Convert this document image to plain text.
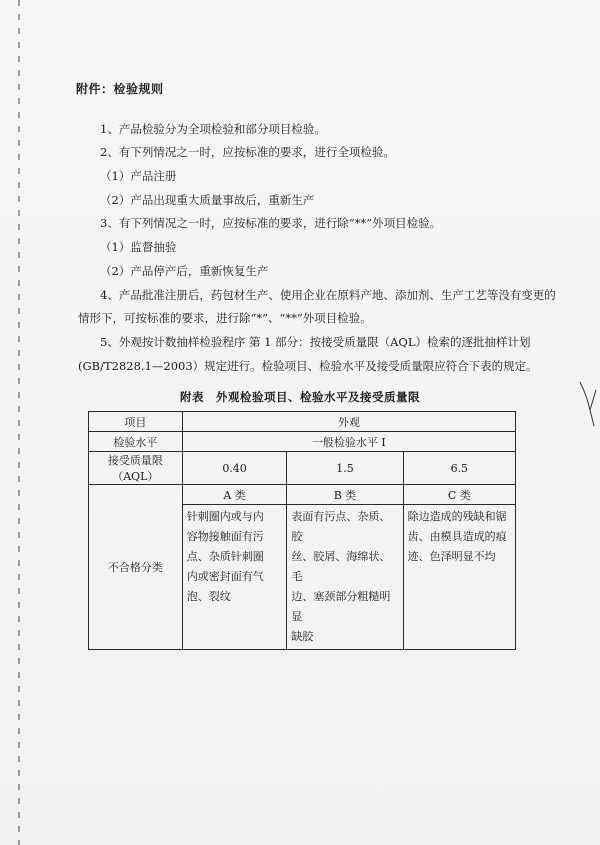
附件：检验规则
1、产品检验分为全项检验和部分项目检验。
2、有下列情况之一时，应按标准的要求，进行全项检验。
（1）产品注册
（2）产品出现重大质量事故后，重新生产
3、有下列情况之一时，应按标准的要求，进行除“**”外项目检验。
（1）监督抽验
（2）产品停产后，重新恢复生产
4、产品批准注册后，药包材生产、使用企业在原料产地、添加剂、生产工艺等没有变更的
情形下，可按标准的要求，进行除“*”、“**”外项目检验。
5、外观按计数抽样检验程序 第 1 部分：按接受质量限（AQL）检索的逐批抽样计划
(GB/T2828.1—2003）规定进行。检验项目、检验水平及接受质量限应符合下表的规定。
附表　外观检验项目、检验水平及接受质量限
项目	外观		
检验水平	一般检验水平 I		
接受质量限（AQL）	0.40	1.5	6.5
不合格分类	A 类	B 类	C 类

	针刺圈内或与内
容物接触面有污
点、杂质针刺圈
内或密封面有气
泡、裂纹	表面有污点、杂质、胶
丝、胶屑、海绵状、毛
边、塞颈部分粗糙明显
缺胶	除边造成的残缺和锯
齿、由模具造成的痕
迹、色泽明显不均
